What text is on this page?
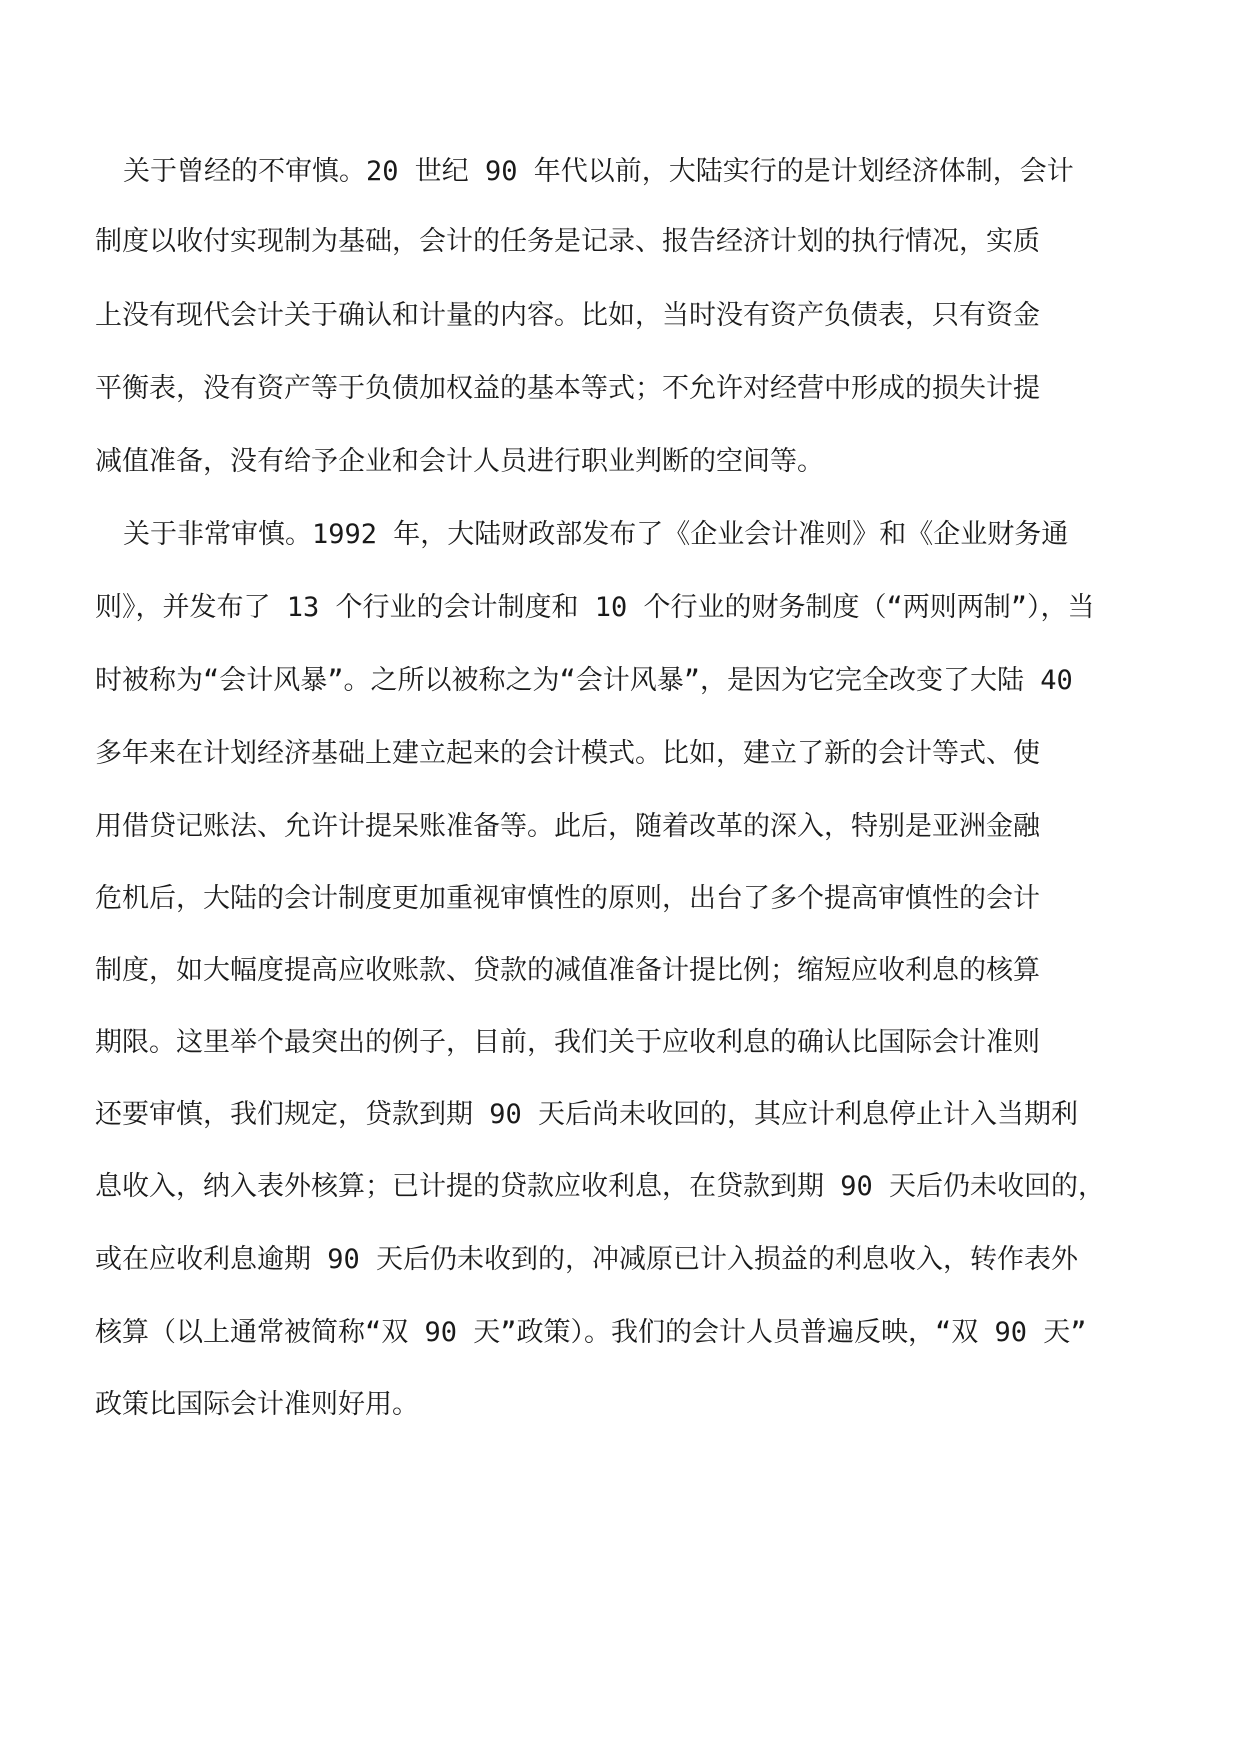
关于曾经的不审慎。20 世纪 90 年代以前，大陆实行的是计划经济体制，会计
制度以收付实现制为基础，会计的任务是记录、报告经济计划的执行情况，实质
上没有现代会计关于确认和计量的内容。比如，当时没有资产负债表，只有资金
平衡表，没有资产等于负债加权益的基本等式；不允许对经营中形成的损失计提
减值准备，没有给予企业和会计人员进行职业判断的空间等。
关于非常审慎。1992 年，大陆财政部发布了《企业会计准则》和《企业财务通
则》，并发布了 13 个行业的会计制度和 10 个行业的财务制度（“两则两制”），当
时被称为“会计风暴”。之所以被称之为“会计风暴”，是因为它完全改变了大陆 40
多年来在计划经济基础上建立起来的会计模式。比如，建立了新的会计等式、使
用借贷记账法、允许计提呆账准备等。此后，随着改革的深入，特别是亚洲金融
危机后，大陆的会计制度更加重视审慎性的原则，出台了多个提高审慎性的会计
制度，如大幅度提高应收账款、贷款的减值准备计提比例；缩短应收利息的核算
期限。这里举个最突出的例子，目前，我们关于应收利息的确认比国际会计准则
还要审慎，我们规定，贷款到期 90 天后尚未收回的，其应计利息停止计入当期利
息收入，纳入表外核算；已计提的贷款应收利息，在贷款到期 90 天后仍未收回的，
或在应收利息逾期 90 天后仍未收到的，冲减原已计入损益的利息收入，转作表外
核算（以上通常被简称“双 90 天”政策）。我们的会计人员普遍反映，“双 90 天”
政策比国际会计准则好用。
